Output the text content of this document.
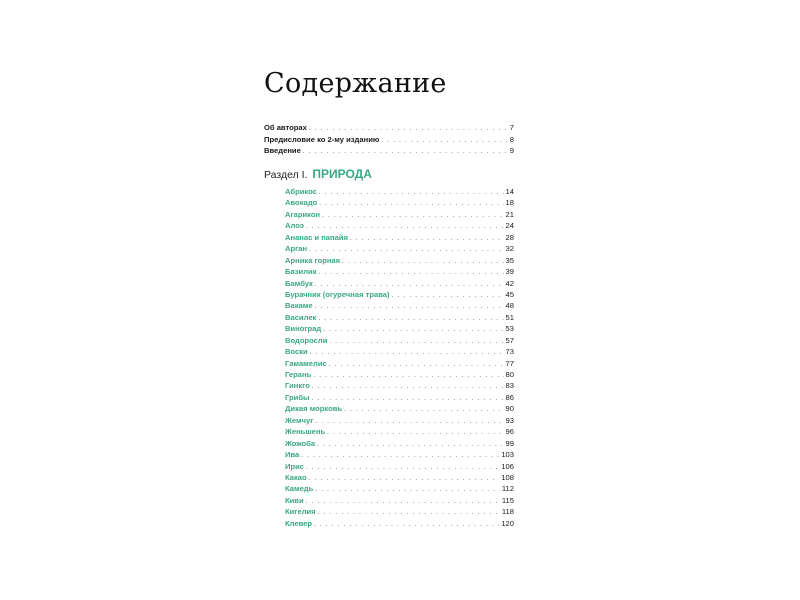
Содержание
Об авторах . . .	7
Предисловие ко 2-му изданию . . .	8
Введение . . .	9
Раздел I. ПРИРОДА
Абрикос . . .	14
Авокадо . . .	18
Агарикон . . .	21
Алоэ . . .	24
Ананас и папайя . . .	28
Арган . . .	32
Арника горная . . .	35
Базилик . . .	39
Бамбук . . .	42
Бурачник (огуречная трава) . . .	45
Вакаме . . .	48
Василек . . .	51
Виноград . . .	53
Водоросли . . .	57
Воски . . .	73
Гамамелис . . .	77
Герань . . .	80
Гинкго . . .	83
Грибы . . .	86
Дикая морковь . . .	90
Жемчуг . . .	93
Женьшень . . .	96
Жожоба . . .	99
Ива . . .	103
Ирис . . .	106
Какао . . .	108
Камедь . . .	112
Киви . . .	115
Кигелия . . .	118
Клевер . . .	120
